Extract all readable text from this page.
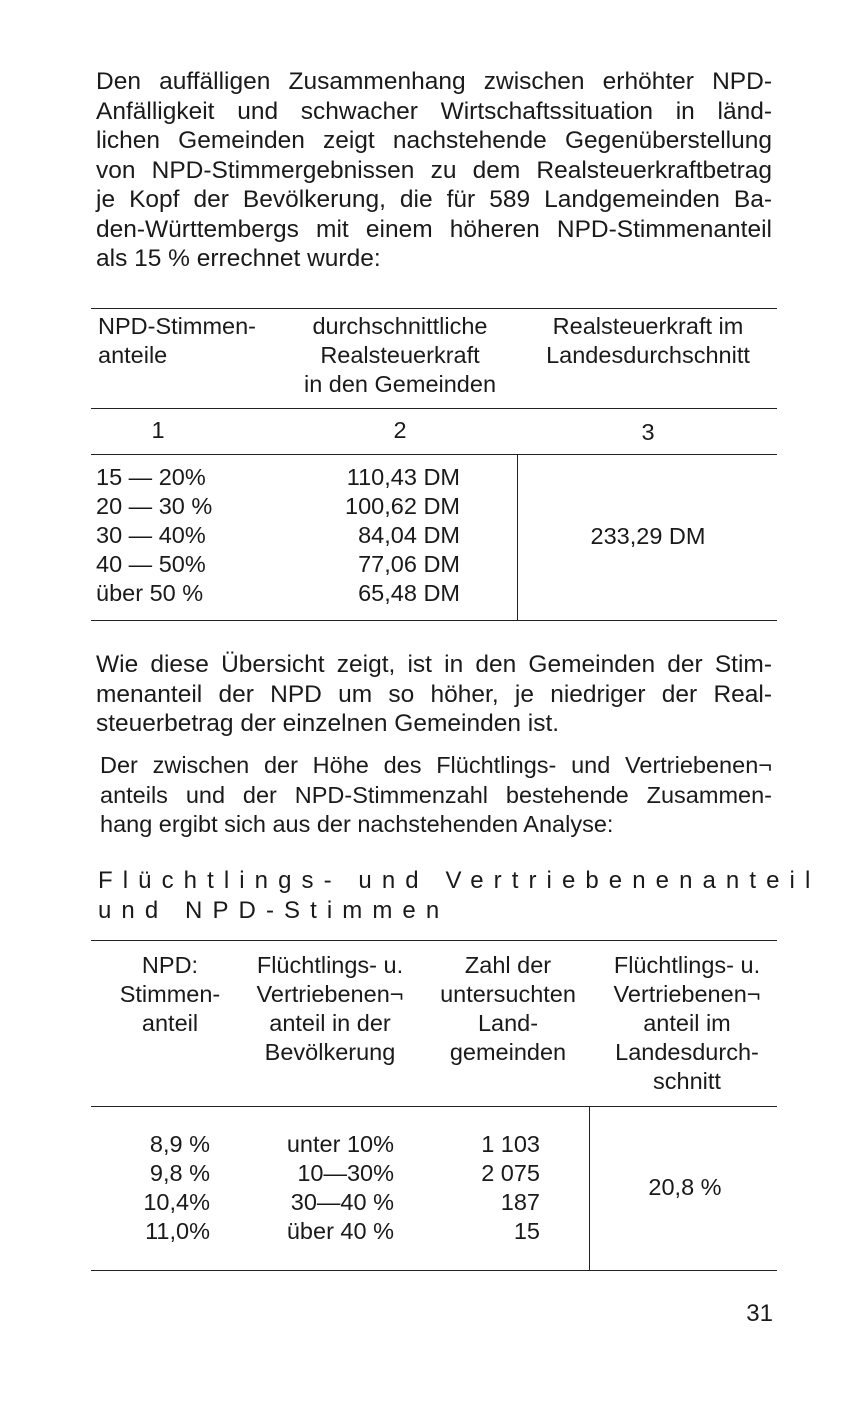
Den auffälligen Zusammenhang zwischen erhöhter NPD-
Anfälligkeit und schwacher Wirtschaftssituation in länd-
lichen Gemeinden zeigt nachstehende Gegenüberstellung
von NPD-Stimmergebnissen zu dem Realsteuerkraftbetrag
je Kopf der Bevölkerung, die für 589 Landgemeinden Ba-
den-Württembergs mit einem höheren NPD-Stimmenanteil
als 15 % errechnet wurde:
NPD-Stimmen-
anteile
durchschnittliche
Realsteuerkraft
in den Gemeinden
Realsteuerkraft im
Landesdurchschnitt
1	2	3
15 — 20%
20 — 30 %
30 — 40%
40 — 50%
über 50 %
110,43 DM
100,62 DM
84,04 DM
77,06 DM
65,48 DM
233,29 DM
Wie diese Übersicht zeigt, ist in den Gemeinden der Stim-
menanteil der NPD um so höher, je niedriger der Real-
steuerbetrag der einzelnen Gemeinden ist.
Der zwischen der Höhe des Flüchtlings- und Vertriebenen¬
anteils und der NPD-Stimmenzahl bestehende Zusammen-
hang ergibt sich aus der nachstehenden Analyse:
Flüchtlings- und Vertriebenenanteil
und NPD-Stimmen
NPD:
Stimmen-
anteil
Flüchtlings- u.
Vertriebenen¬
anteil in der
Bevölkerung
Zahl der
untersuchten
Land-
gemeinden
Flüchtlings- u.
Vertriebenen¬
anteil im
Landesdurch-
schnitt
8,9 %
9,8 %
10,4%
11,0%
unter 10%
10—30%
30—40 %
über 40 %
1 103
2 075
187
15
20,8 %
31
